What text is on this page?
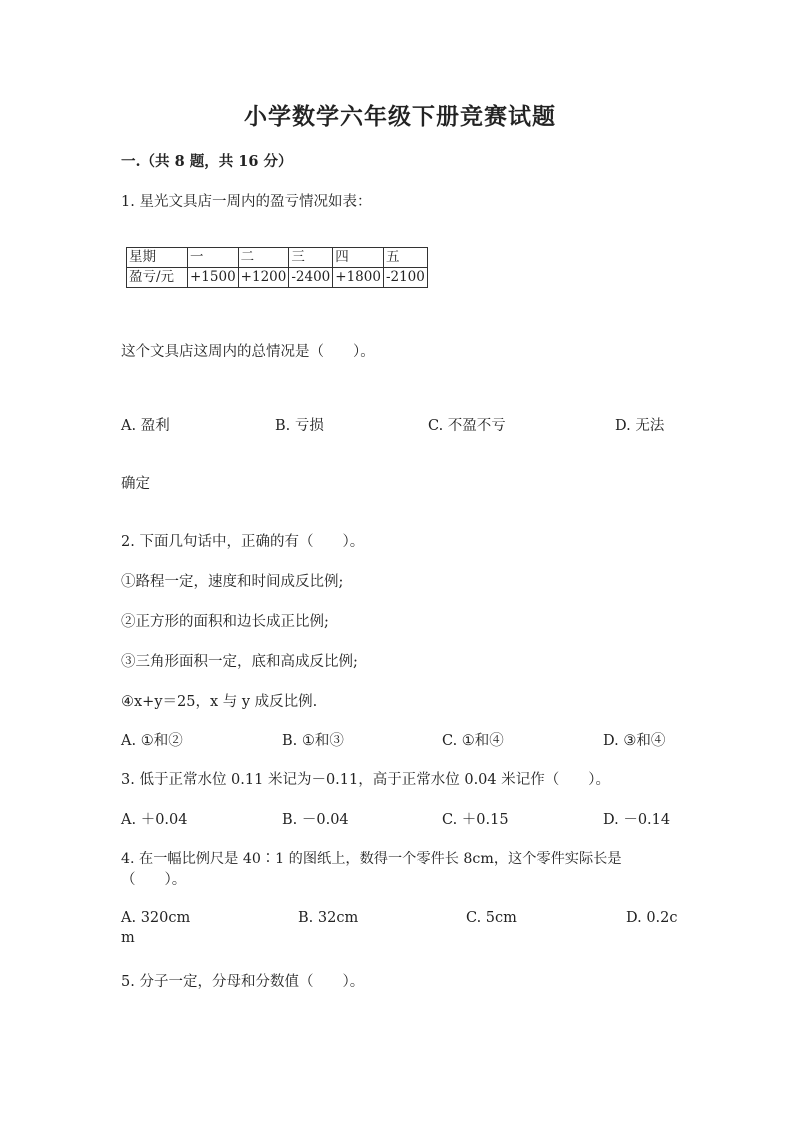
小学数学六年级下册竞赛试题
一.（共 8 题，共 16 分）
1. 星光文具店一周内的盈亏情况如表：
星期	一	二	三	四	五
盈亏/元	+1500	+1200	-2400	+1800	-2100
这个文具店这周内的总情况是（　　）。
A. 盈利	B. 亏损	C. 不盈不亏	D. 无法
确定
2. 下面几句话中，正确的有（　　）。
①路程一定，速度和时间成反比例;
②正方形的面积和边长成正比例;
③三角形面积一定，底和高成反比例;
④x+y＝25，x 与 y 成反比例.
A. ①和②	B. ①和③	C. ①和④	D. ③和④
3. 低于正常水位 0.11 米记为－0.11，高于正常水位 0.04 米记作（　　）。
A. ＋0.04	B. －0.04	C. ＋0.15	D. －0.14
4. 在一幅比例尺是 40∶1 的图纸上，数得一个零件长 8cm，这个零件实际长是
（　　）。
A. 320cm	B. 32cm	C. 5cm	D. 0.2c
m
5. 分子一定，分母和分数值（　　）。
